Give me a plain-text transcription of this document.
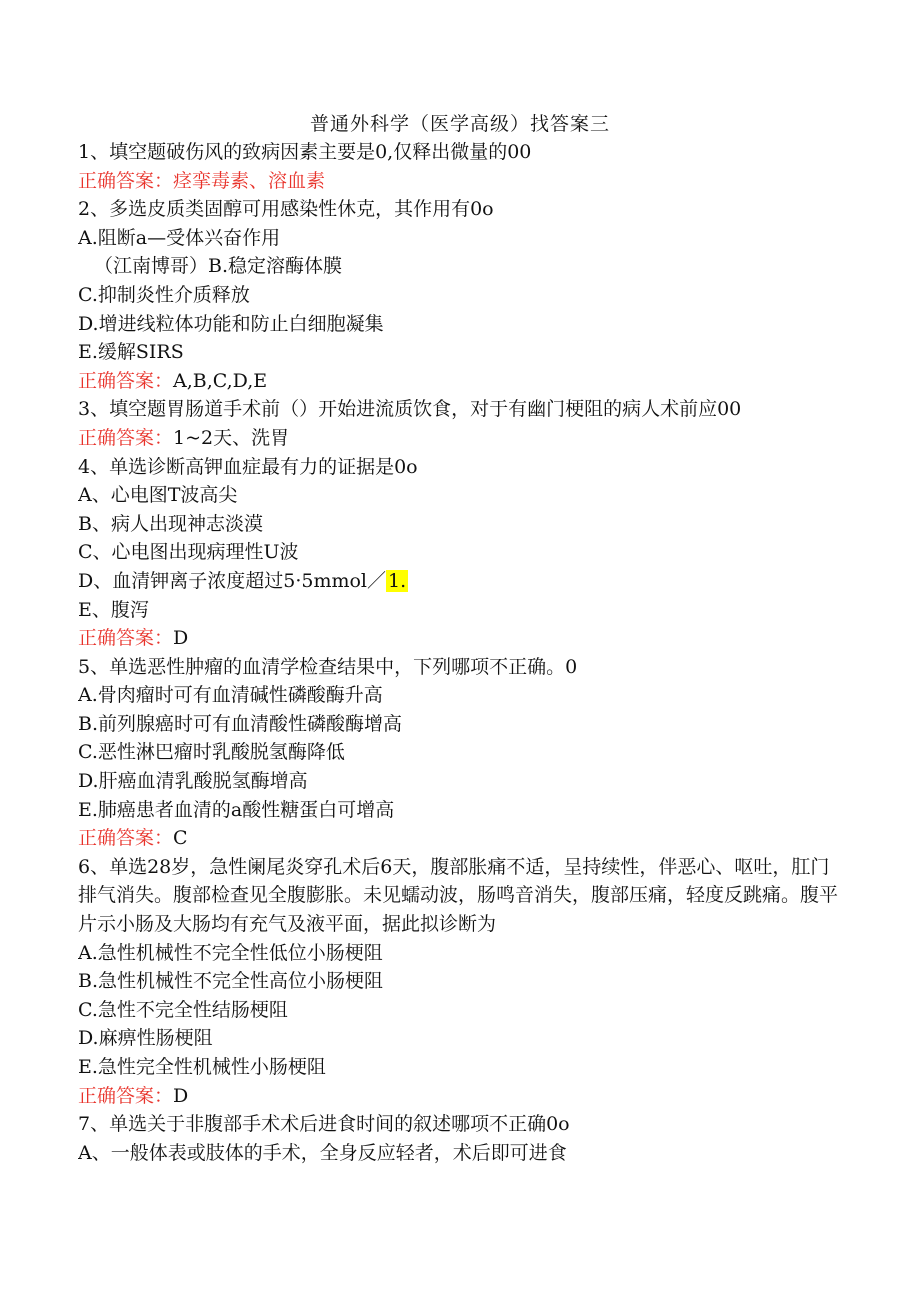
普通外科学（医学高级）找答案三
1、填空题破伤风的致病因素主要是0,仅释出微量的00
正确答案：痉挛毒素、溶血素
2、多选皮质类固醇可用感染性休克，其作用有0o
A.阻断a—受体兴奋作用
（江南博哥）B.稳定溶酶体膜
C.抑制炎性介质释放
D.增进线粒体功能和防止白细胞凝集
E.缓解SIRS
正确答案：A,B,C,D,E
3、填空题胃肠道手术前（）开始进流质饮食，对于有幽门梗阻的病人术前应00
正确答案：1~2天、洗胃
4、单选诊断高钾血症最有力的证据是0o
A、心电图T波高尖
B、病人出现神志淡漠
C、心电图出现病理性U波
D、血清钾离子浓度超过5·5mmol／ 1.
E、腹泻
正确答案：D
5、单选恶性肿瘤的血清学检查结果中，下列哪项不正确。0
A.骨肉瘤时可有血清碱性磷酸酶升高
B.前列腺癌时可有血清酸性磷酸酶增高
C.恶性淋巴瘤时乳酸脱氢酶降低
D.肝癌血清乳酸脱氢酶增高
E.肺癌患者血清的a酸性糖蛋白可增高
正确答案：C
6、单选28岁，急性阑尾炎穿孔术后6天，腹部胀痛不适，呈持续性，伴恶心、呕吐，肛门排气消失。腹部检查见全腹膨胀。未见蠕动波，肠鸣音消失，腹部压痛，轻度反跳痛。腹平片示小肠及大肠均有充气及液平面，据此拟诊断为
A.急性机械性不完全性低位小肠梗阻
B.急性机械性不完全性高位小肠梗阻
C.急性不完全性结肠梗阻
D.麻痹性肠梗阻
E.急性完全性机械性小肠梗阻
正确答案：D
7、单选关于非腹部手术术后进食时间的叙述哪项不正确0o
A、一般体表或肢体的手术，全身反应轻者，术后即可进食
